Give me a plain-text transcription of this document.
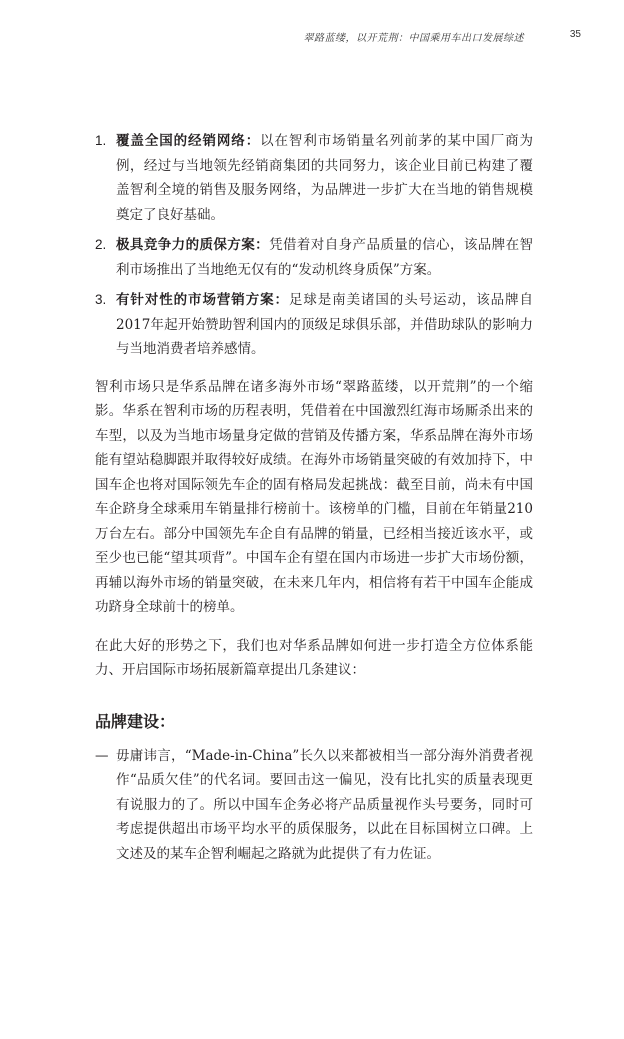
翠路蓝缕，以开荒荆：中国乘用车出口发展综述	35
1. 覆盖全国的经销网络：以在智利市场销量名列前茅的某中国厂商为例，经过与当地领先经销商集团的共同努力，该企业目前已构建了覆盖智利全境的销售及服务网络，为品牌进一步扩大在当地的销售规模奠定了良好基础。

2. 极具竞争力的质保方案：凭借着对自身产品质量的信心，该品牌在智利市场推出了当地绝无仅有的“发动机终身质保”方案。

3. 有针对性的市场营销方案：足球是南美诸国的头号运动，该品牌自2017年起开始赞助智利国内的顶级足球俱乐部，并借助球队的影响力与当地消费者培养感情。

智利市场只是华系品牌在诸多海外市场“翠路蓝缕，以开荒荆”的一个缩影。华系在智利市场的历程表明，凭借着在中国激烈红海市场厮杀出来的车型，以及为当地市场量身定做的营销及传播方案，华系品牌在海外市场能有望站稳脚跟并取得较好成绩。在海外市场销量突破的有效加持下，中国车企也将对国际领先车企的固有格局发起挑战：截至目前，尚未有中国车企跻身全球乘用车销量排行榜前十。该榜单的门槛，目前在年销量210万台左右。部分中国领先车企自有品牌的销量，已经相当接近该水平，或至少也已能“望其项背”。中国车企有望在国内市场进一步扩大市场份额，再辅以海外市场的销量突破，在未来几年内，相信将有若干中国车企能成功跻身全球前十的榜单。

在此大好的形势之下，我们也对华系品牌如何进一步打造全方位体系能力、开启国际市场拓展新篇章提出几条建议：

品牌建设：
— 毋庸讳言，“Made-in-China”长久以来都被相当一部分海外消费者视作“品质欠佳”的代名词。要回击这一偏见，没有比扎实的质量表现更有说服力的了。所以中国车企务必将产品质量视作头号要务，同时可考虑提供超出市场平均水平的质保服务，以此在目标国树立口碑。上文述及的某车企智利崛起之路就为此提供了有力佐证。
